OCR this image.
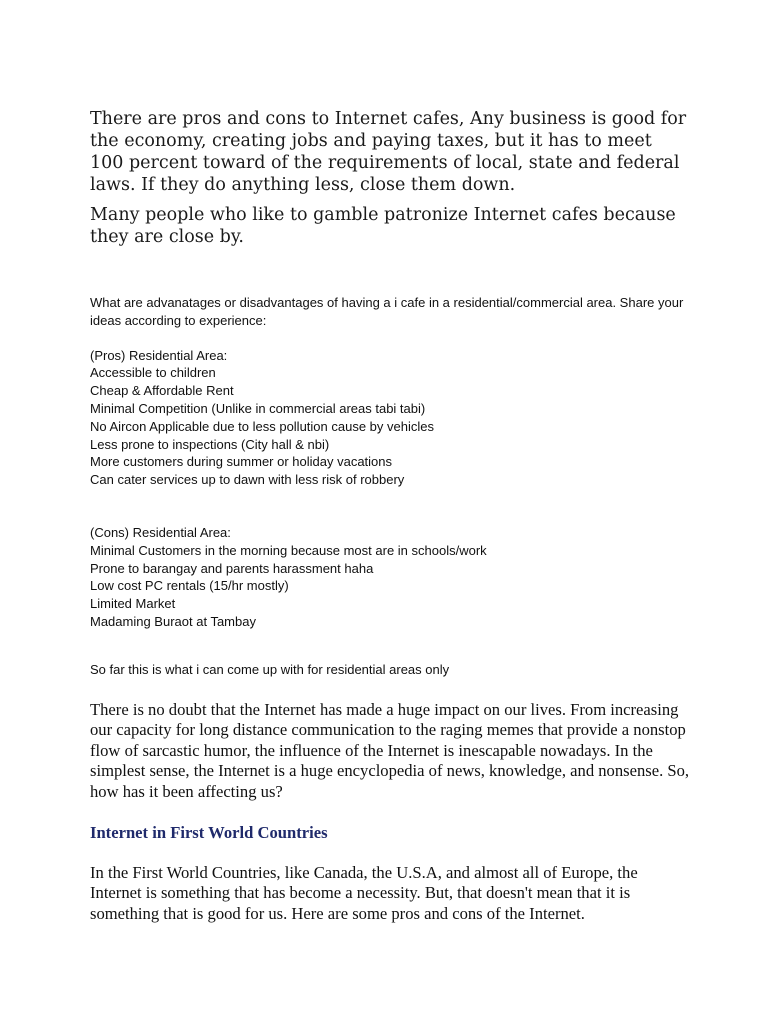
There are pros and cons to Internet cafes, Any business is good for the economy, creating jobs and paying taxes, but it has to meet 100 percent toward of the requirements of local, state and federal laws. If they do anything less, close them down.

Many people who like to gamble patronize Internet cafes because they are close by.

What are advanatages or disadvantages of having a i cafe in a residential/commercial area. Share your ideas according to experience:

(Pros) Residential Area:
Accessible to children
Cheap & Affordable Rent
Minimal Competition (Unlike in commercial areas tabi tabi)
No Aircon Applicable due to less pollution cause by vehicles
Less prone to inspections (City hall & nbi)
More customers during summer or holiday vacations
Can cater services up to dawn with less risk of robbery
(Cons) Residential Area:
Minimal Customers in the morning because most are in schools/work
Prone to barangay and parents harassment haha
Low cost PC rentals (15/hr mostly)
Limited Market
Madaming Buraot at Tambay

So far this is what i can come up with for residential areas only

There is no doubt that the Internet has made a huge impact on our lives. From increasing our capacity for long distance communication to the raging memes that provide a nonstop flow of sarcastic humor, the influence of the Internet is inescapable nowadays. In the simplest sense, the Internet is a huge encyclopedia of news, knowledge, and nonsense. So, how has it been affecting us?

Internet in First World Countries

In the First World Countries, like Canada, the U.S.A, and almost all of Europe, the Internet is something that has become a necessity. But, that doesn't mean that it is something that is good for us. Here are some pros and cons of the Internet.
